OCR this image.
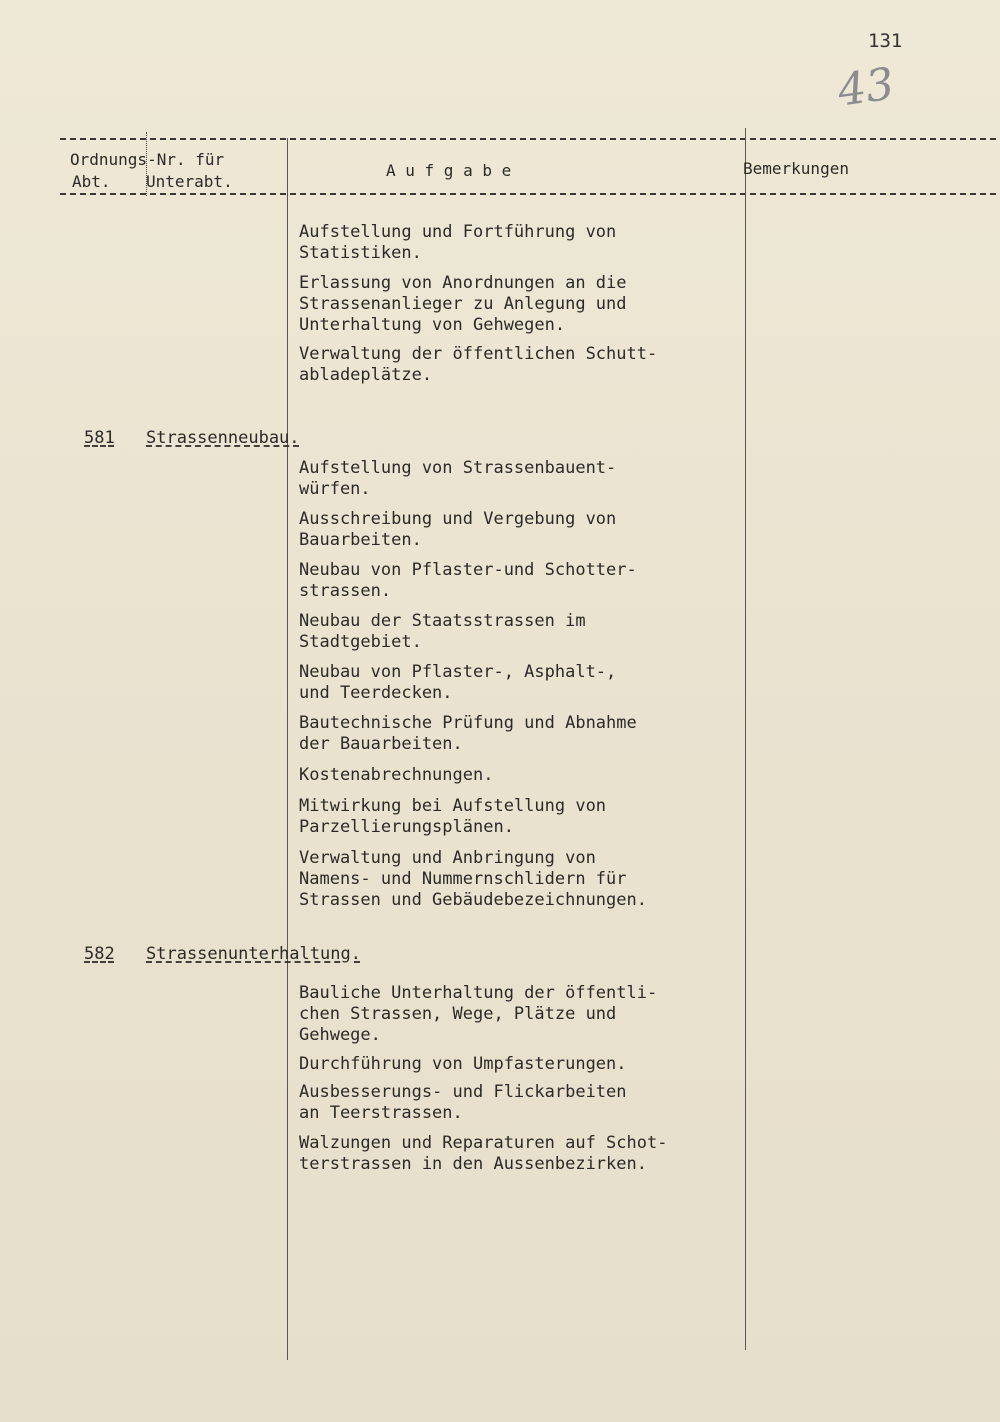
131
43
Ordnungs-Nr. für
Abt. Unterabt.
A u f g a b e	Bemerkungen
Aufstellung und Fortführung von
Statistiken.
Erlassung von Anordnungen an die
Strassenanlieger zu Anlegung und
Unterhaltung von Gehwegen.
Verwaltung der öffentlichen Schutt-
abladeplätze.
581 Strassenneubau.
Aufstellung von Strassenbauent-
würfen.
Ausschreibung und Vergebung von
Bauarbeiten.
Neubau von Pflaster-und Schotter-
strassen.
Neubau der Staatsstrassen im
Stadtgebiet.
Neubau von Pflaster-, Asphalt-,
und Teerdecken.
Bautechnische Prüfung und Abnahme
der Bauarbeiten.
Kostenabrechnungen.
Mitwirkung bei Aufstellung von
Parzellierungsplänen.
Verwaltung und Anbringung von
Namens- und Nummernschlidern für
Strassen und Gebäudebezeichnungen.
582 Strassenunterhaltung.
Bauliche Unterhaltung der öffentli-
chen Strassen, Wege, Plätze und
Gehwege.
Durchführung von Umpfasterungen.
Ausbesserungs- und Flickarbeiten
an Teerstrassen.
Walzungen und Reparaturen auf Schot-
terstrassen in den Aussenbezirken.
